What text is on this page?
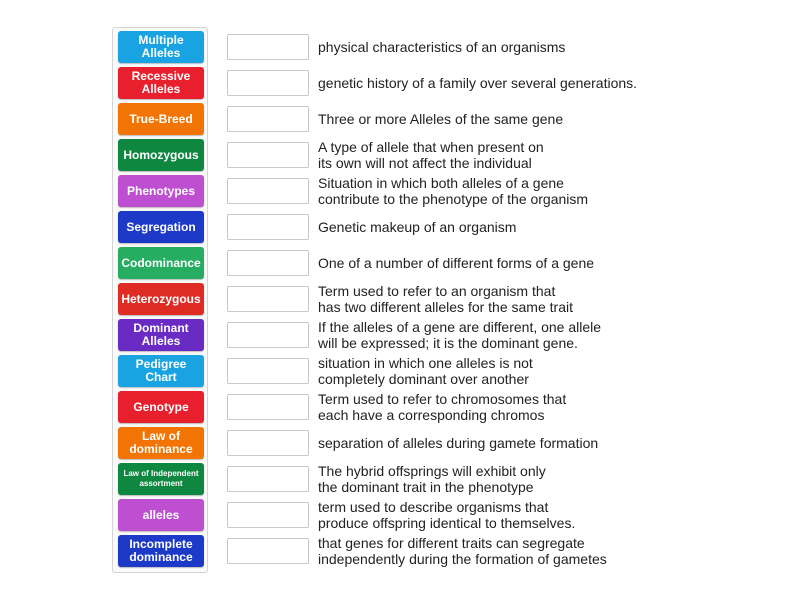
Multiple Alleles
Recessive Alleles
True-Breed
Homozygous
Phenotypes
Segregation
Codominance
Heterozygous
Dominant Alleles
Pedigree Chart
Genotype
Law of dominance
Law of Independent assortment
alleles
Incomplete dominance
physical characteristics of an organisms
genetic history of a family over several generations.
Three or more Alleles of the same gene
A type of allele that when present on
its own will not affect the individual
Situation in which both alleles of a gene
contribute to the phenotype of the organism
Genetic makeup of an organism
One of a number of different forms of a gene
Term used to refer to an organism that
has two different alleles for the same trait
If the alleles of a gene are different, one allele
will be expressed; it is the dominant gene.
situation in which one alleles is not
completely dominant over another
Term used to refer to chromosomes that
each have a corresponding chromos
separation of alleles during gamete formation
The hybrid offsprings will exhibit only
the dominant trait in the phenotype
term used to describe organisms that
produce offspring identical to themselves.
that genes for different traits can segregate
independently during the formation of gametes
